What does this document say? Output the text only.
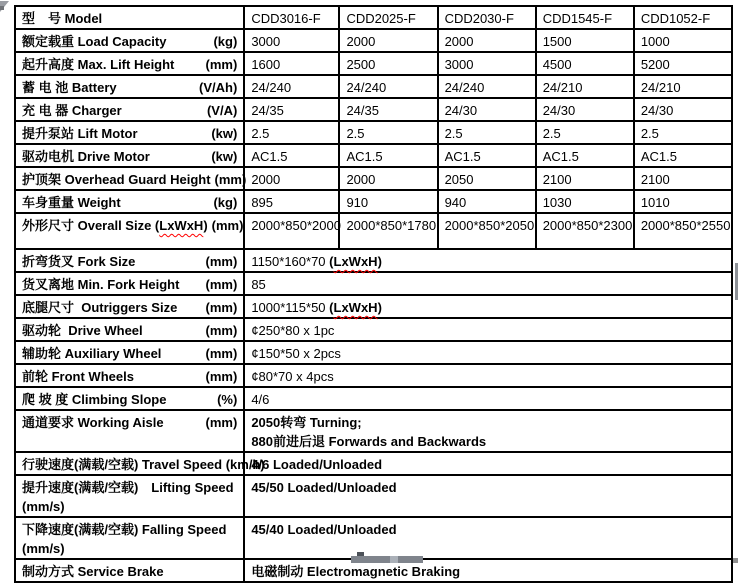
型　号 Model	CDD3016-F	CDD2025-F	CDD2030-F	CDD1545-F	CDD1052-F

额定载重 Load Capacity (kg)	3000	2000	2000	1500	1000

起升高度 Max. Lift Height (mm)	1600	2500	3000	4500	5200

蓄 电 池 Battery (V/Ah)	24/240	24/240	24/240	24/210	24/210

充 电 器 Charger (V/A)	24/35	24/35	24/30	24/30	24/30

提升泵站 Lift Motor (kw)	2.5	2.5	2.5	2.5	2.5

驱动电机 Drive Motor (kw)	AC1.5	AC1.5	AC1.5	AC1.5	AC1.5

护顶架 Overhead Guard Height (mm)	2000	2000	2050	2100	2100

车身重量 Weight (kg)	895	910	940	1030	1010

外形尺寸 Overall Size (LxWxH) (mm)	2000*850*2000	2000*850*1780	2000*850*2050	2000*850*2300	2000*850*2550

折弯货叉 Fork Size (mm)	1150*160*70 (LxWxH)				

货叉离地 Min. Fork Height (mm)	85				

底腿尺寸  Outriggers Size (mm)	1000*115*50 (LxWxH)				

驱动轮  Drive Wheel (mm)	¢250*80 x 1pc				

辅助轮 Auxiliary Wheel (mm)	¢150*50 x 2pcs				

前轮 Front Wheels (mm)	¢80*70 x 4pcs				

爬 坡 度 Climbing Slope (%)	4/6				

通道要求 Working Aisle (mm)	2050转弯 Turning;
880前进后退 Forwards and Backwards				

行驶速度(满载/空载) Travel Speed (km/h)	4/6 Loaded/Unloaded				

提升速度(满载/空载)　Lifting Speed
(mm/s)	45/50 Loaded/Unloaded				

下降速度(满载/空载) Falling Speed
(mm/s)	45/40 Loaded/Unloaded				

制动方式 Service Brake	电磁制动 Electromagnetic Braking				
